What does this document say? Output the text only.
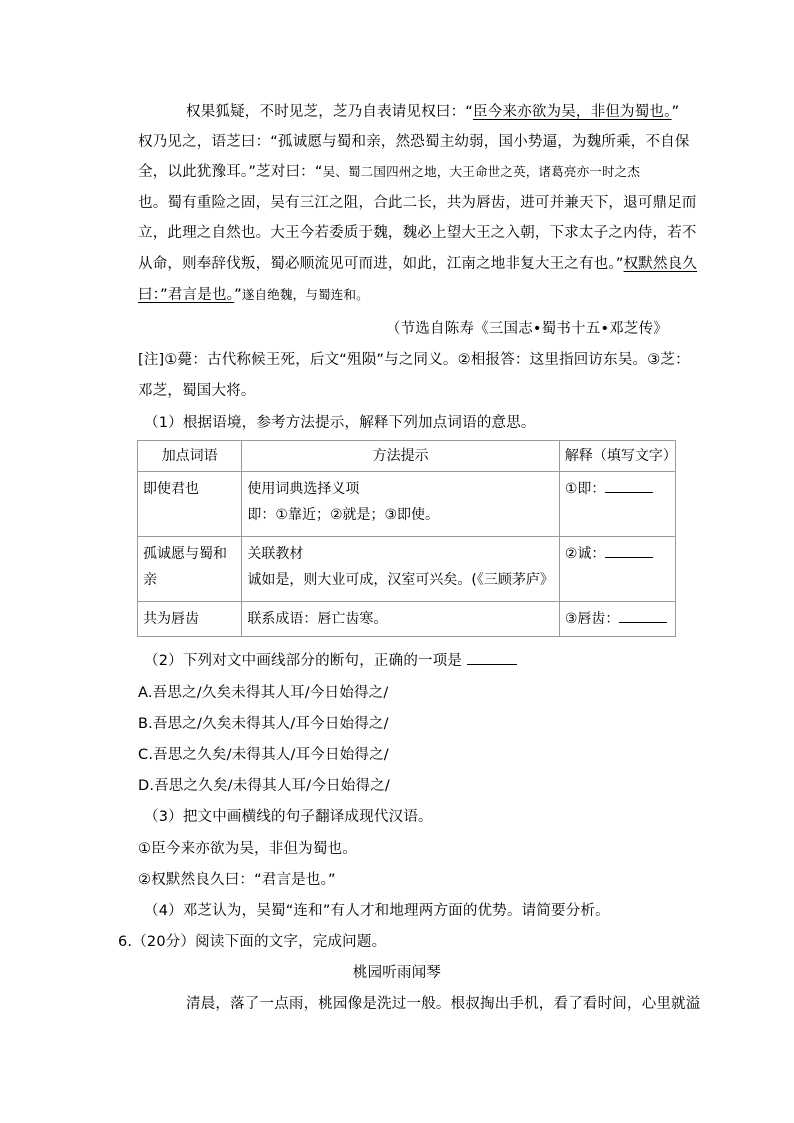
权果狐疑，不时见芝，芝乃自表请见权曰：“臣今来亦欲为吴，非但为蜀也。”
权乃见之，语芝曰：“孤诚愿与蜀和亲，然恐蜀主幼弱，国小势逼，为魏所乘，不自保
全，以此犹豫耳。”芝对曰：“吴、蜀二国四州之地，大王命世之英，诸葛亮亦一时之杰
也。蜀有重险之固，吴有三江之阻，合此二长，共为唇齿，进可并兼天下，退可鼎足而
立，此理之自然也。大王今若委质于魏，魏必上望大王之入朝，下求太子之内侍，若不
从命，则奉辞伐叛，蜀必顺流见可而进，如此，江南之地非复大王之有也。”权默然良久
曰：”君言是也。”遂自绝魏，与蜀连和。
（节选自陈寿《三国志•蜀书十五•邓芝传》
[注]①薨：古代称候王死，后文“殂陨”与之同义。②相报答：这里指回访东吴。③芝：
邓芝，蜀国大将。
（1）根据语境，参考方法提示，解释下列加点词语的意思。
加点词语	方法提示	解释（填写文字）
即使君也	使用词典选择义项
即：①靠近；②就是；③即使。	①即：
孤诚愿与蜀和亲	关联教材
诚如是，则大业可成，汉室可兴矣。(《三顾茅庐》	②诚：
共为唇齿	联系成语：唇亡齿寒。	③唇齿：
（2）下列对文中画线部分的断句，正确的一项是
A.吾思之/久矣未得其人耳/今日始得之/
B.吾思之/久矣未得其人/耳今日始得之/
C.吾思之久矣/未得其人/耳今日始得之/
D.吾思之久矣/未得其人耳/今日始得之/
（3）把文中画横线的句子翻译成现代汉语。
①臣今来亦欲为吴，非但为蜀也。
②权默然良久曰：“君言是也。”
（4）邓芝认为，吴蜀“连和”有人才和地理两方面的优势。请简要分析。
6.（20分）阅读下面的文字，完成问题。
桃园听雨闻琴
清晨，落了一点雨，桃园像是洗过一般。根叔掏出手机，看了看时间，心里就溢
